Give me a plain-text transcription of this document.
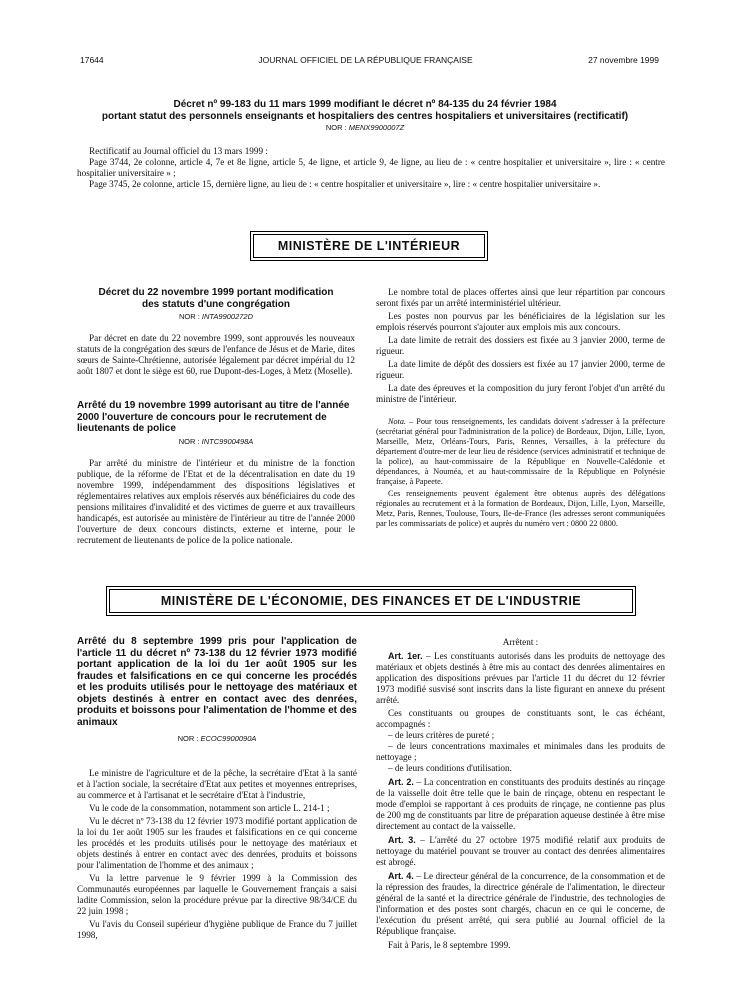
17644	JOURNAL OFFICIEL DE LA RÉPUBLIQUE FRANÇAISE	27 novembre 1999
Décret nº 99-183 du 11 mars 1999 modifiant le décret nº 84-135 du 24 février 1984
portant statut des personnels enseignants et hospitaliers des centres hospitaliers et universitaires (rectificatif)
NOR : MENX9900007Z

Rectificatif au Journal officiel du 13 mars 1999 :

Page 3744, 2e colonne, article 4, 7e et 8e ligne, article 5, 4e ligne, et article 9, 4e ligne, au lieu de : « centre hospitalier et universitaire », lire : « centre hospitalier universitaire » ;

Page 3745, 2e colonne, article 15, dernière ligne, au lieu de : « centre hospitalier et universitaire », lire : « centre hospitalier universitaire ».

MINISTÈRE DE L'INTÉRIEUR
Décret du 22 novembre 1999 portant modification
des statuts d'une congrégation
NOR : INTA9900272D

Par décret en date du 22 novembre 1999, sont approuvés les nouveaux statuts de la congrégation des sœurs de l'enfance de Jésus et de Marie, dites sœurs de Sainte-Chrétienne, autorisée légalement par décret impérial du 12 août 1807 et dont le siège est 60, rue Dupont-des-Loges, à Metz (Moselle).

Arrêté du 19 novembre 1999 autorisant au titre de l'année
2000 l'ouverture de concours pour le recrutement de
lieutenants de police
NOR : INTC9900498A

Par arrêté du ministre de l'intérieur et du ministre de la fonction publique, de la réforme de l'Etat et de la décentralisation en date du 19 novembre 1999, indépendamment des dispositions législatives et réglementaires relatives aux emplois réservés aux bénéficiaires du code des pensions militaires d'invalidité et des victimes de guerre et aux travailleurs handicapés, est autorisée au ministère de l'intérieur au titre de l'année 2000 l'ouverture de deux concours distincts, externe et interne, pour le recrutement de lieutenants de police de la police nationale.

Le nombre total de places offertes ainsi que leur répartition par concours seront fixés par un arrêté interministériel ultérieur.

Les postes non pourvus par les bénéficiaires de la législation sur les emplois réservés pourront s'ajouter aux emplois mis aux concours.

La date limite de retrait des dossiers est fixée au 3 janvier 2000, terme de rigueur.

La date limite de dépôt des dossiers est fixée au 17 janvier 2000, terme de rigueur.

La date des épreuves et la composition du jury feront l'objet d'un arrêté du ministre de l'intérieur.

Nota. – Pour tous renseignements, les candidats doivent s'adresser à la préfecture (secrétariat général pour l'administration de la police) de Bordeaux, Dijon, Lille, Lyon, Marseille, Metz, Orléans-Tours, Paris, Rennes, Versailles, à la préfecture du département d'outre-mer de leur lieu de résidence (services administratif et technique de la police), au haut-commissaire de la République en Nouvelle-Calédonie et dépendances, à Nouméa, et au haut-commissaire de la République en Polynésie française, à Papeete.

Ces renseignements peuvent également être obtenus auprès des délégations régionales au recrutement et à la formation de Bordeaux, Dijon, Lille, Lyon, Marseille, Metz, Paris, Rennes, Toulouse, Tours, Ile-de-France (les adresses seront communiquées par les commissariats de police) et auprès du numéro vert : 0800 22 0800.

MINISTÈRE DE L'ÉCONOMIE, DES FINANCES ET DE L'INDUSTRIE
Arrêté du 8 septembre 1999 pris pour l'application de l'article 11 du décret nº 73-138 du 12 février 1973 modifié portant application de la loi du 1er août 1905 sur les fraudes et falsifications en ce qui concerne les procédés et les produits utilisés pour le nettoyage des matériaux et objets destinés à entrer en contact avec des denrées, produits et boissons pour l'alimentation de l'homme et des animaux
NOR : ECOC9900090A

Le ministre de l'agriculture et de la pêche, la secrétaire d'Etat à la santé et à l'action sociale, la secrétaire d'Etat aux petites et moyennes entreprises, au commerce et à l'artisanat et le secrétaire d'Etat à l'industrie,

Vu le code de la consommation, notamment son article L. 214-1 ;

Vu le décret nº 73-138 du 12 février 1973 modifié portant application de la loi du 1er août 1905 sur les fraudes et falsifications en ce qui concerne les procédés et les produits utilisés pour le nettoyage des matériaux et objets destinés à entrer en contact avec des denrées, produits et boissons pour l'alimentation de l'homme et des animaux ;

Vu la lettre parvenue le 9 février 1999 à la Commission des Communautés européennes par laquelle le Gouvernement français a saisi ladite Commission, selon la procédure prévue par la directive 98/34/CE du 22 juin 1998 ;

Vu l'avis du Conseil supérieur d'hygiène publique de France du 7 juillet 1998,

Arrêtent :

Art. 1er. – Les constituants autorisés dans les produits de nettoyage des matériaux et objets destinés à être mis au contact des denrées alimentaires en application des dispositions prévues par l'article 11 du décret du 12 février 1973 modifié susvisé sont inscrits dans la liste figurant en annexe du présent arrêté.

Ces constituants ou groupes de constituants sont, le cas échéant, accompagnés :

– de leurs critères de pureté ;

– de leurs concentrations maximales et minimales dans les produits de nettoyage ;

– de leurs conditions d'utilisation.

Art. 2. – La concentration en constituants des produits destinés au rinçage de la vaisselle doit être telle que le bain de rinçage, obtenu en respectant le mode d'emploi se rapportant à ces produits de rinçage, ne contienne pas plus de 200 mg de constituants par litre de préparation aqueuse destinée à être mise directement au contact de la vaisselle.

Art. 3. – L'arrêté du 27 octobre 1975 modifié relatif aux produits de nettoyage du matériel pouvant se trouver au contact des denrées alimentaires est abrogé.

Art. 4. – Le directeur général de la concurrence, de la consommation et de la répression des fraudes, la directrice générale de l'alimentation, le directeur général de la santé et la directrice générale de l'industrie, des technologies de l'information et des postes sont chargés, chacun en ce qui le concerne, de l'exécution du présent arrêté, qui sera publié au Journal officiel de la République française.

Fait à Paris, le 8 septembre 1999.
